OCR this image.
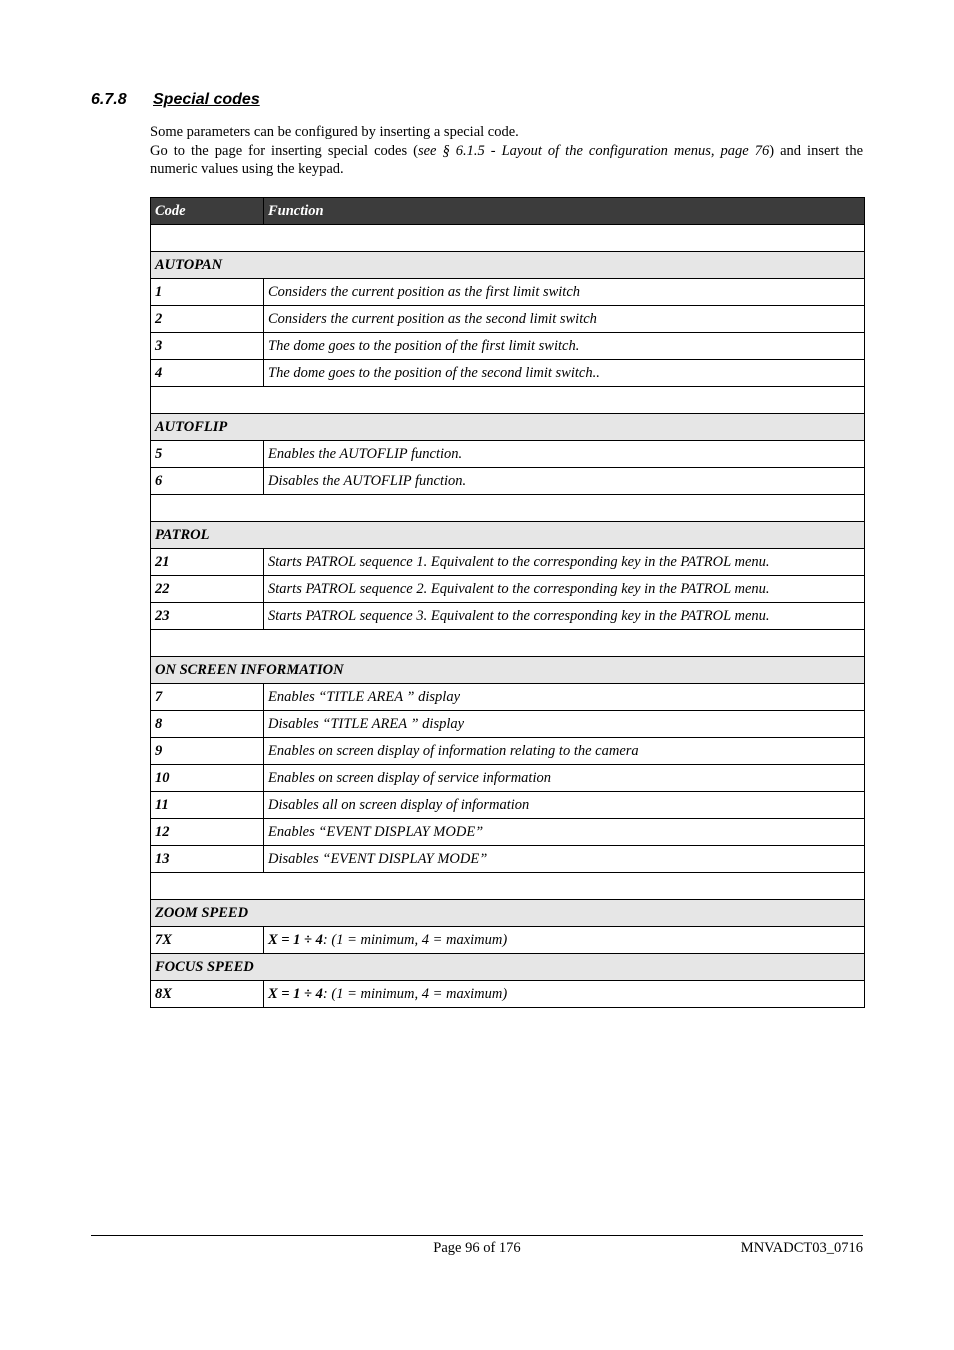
6.7.8 Special codes

Some parameters can be configured by inserting a special code.

Go to the page for inserting special codes (see § 6.1.5 - Layout of the configuration menus, page 76) and insert the numeric values using the keypad.

Code	Function

AUTOPAN	
1	Considers the current position as the first limit switch
2	Considers the current position as the second limit switch
3	The dome goes to the position of the first limit switch.
4	The dome goes to the position of the second limit switch..

AUTOFLIP	
5	Enables the AUTOFLIP function.
6	Disables the AUTOFLIP function.

PATROL	
21	Starts PATROL sequence 1. Equivalent to the corresponding key in the PATROL menu.
22	Starts PATROL sequence 2. Equivalent to the corresponding key in the PATROL menu.
23	Starts PATROL sequence 3. Equivalent to the corresponding key in the PATROL menu.

ON SCREEN INFORMATION	
7	Enables “TITLE AREA ” display
8	Disables “TITLE AREA ” display
9	Enables on screen display of information relating to the camera
10	Enables on screen display of service information
11	Disables all on screen display of information
12	Enables “EVENT DISPLAY MODE”
13	Disables “EVENT DISPLAY MODE”

ZOOM SPEED	
7X	X = 1 ÷ 4: (1 = minimum, 4 = maximum)
FOCUS SPEED	
8X	X = 1 ÷ 4: (1 = minimum, 4 = maximum)
Page 96 of 176	MNVADCT03_0716
